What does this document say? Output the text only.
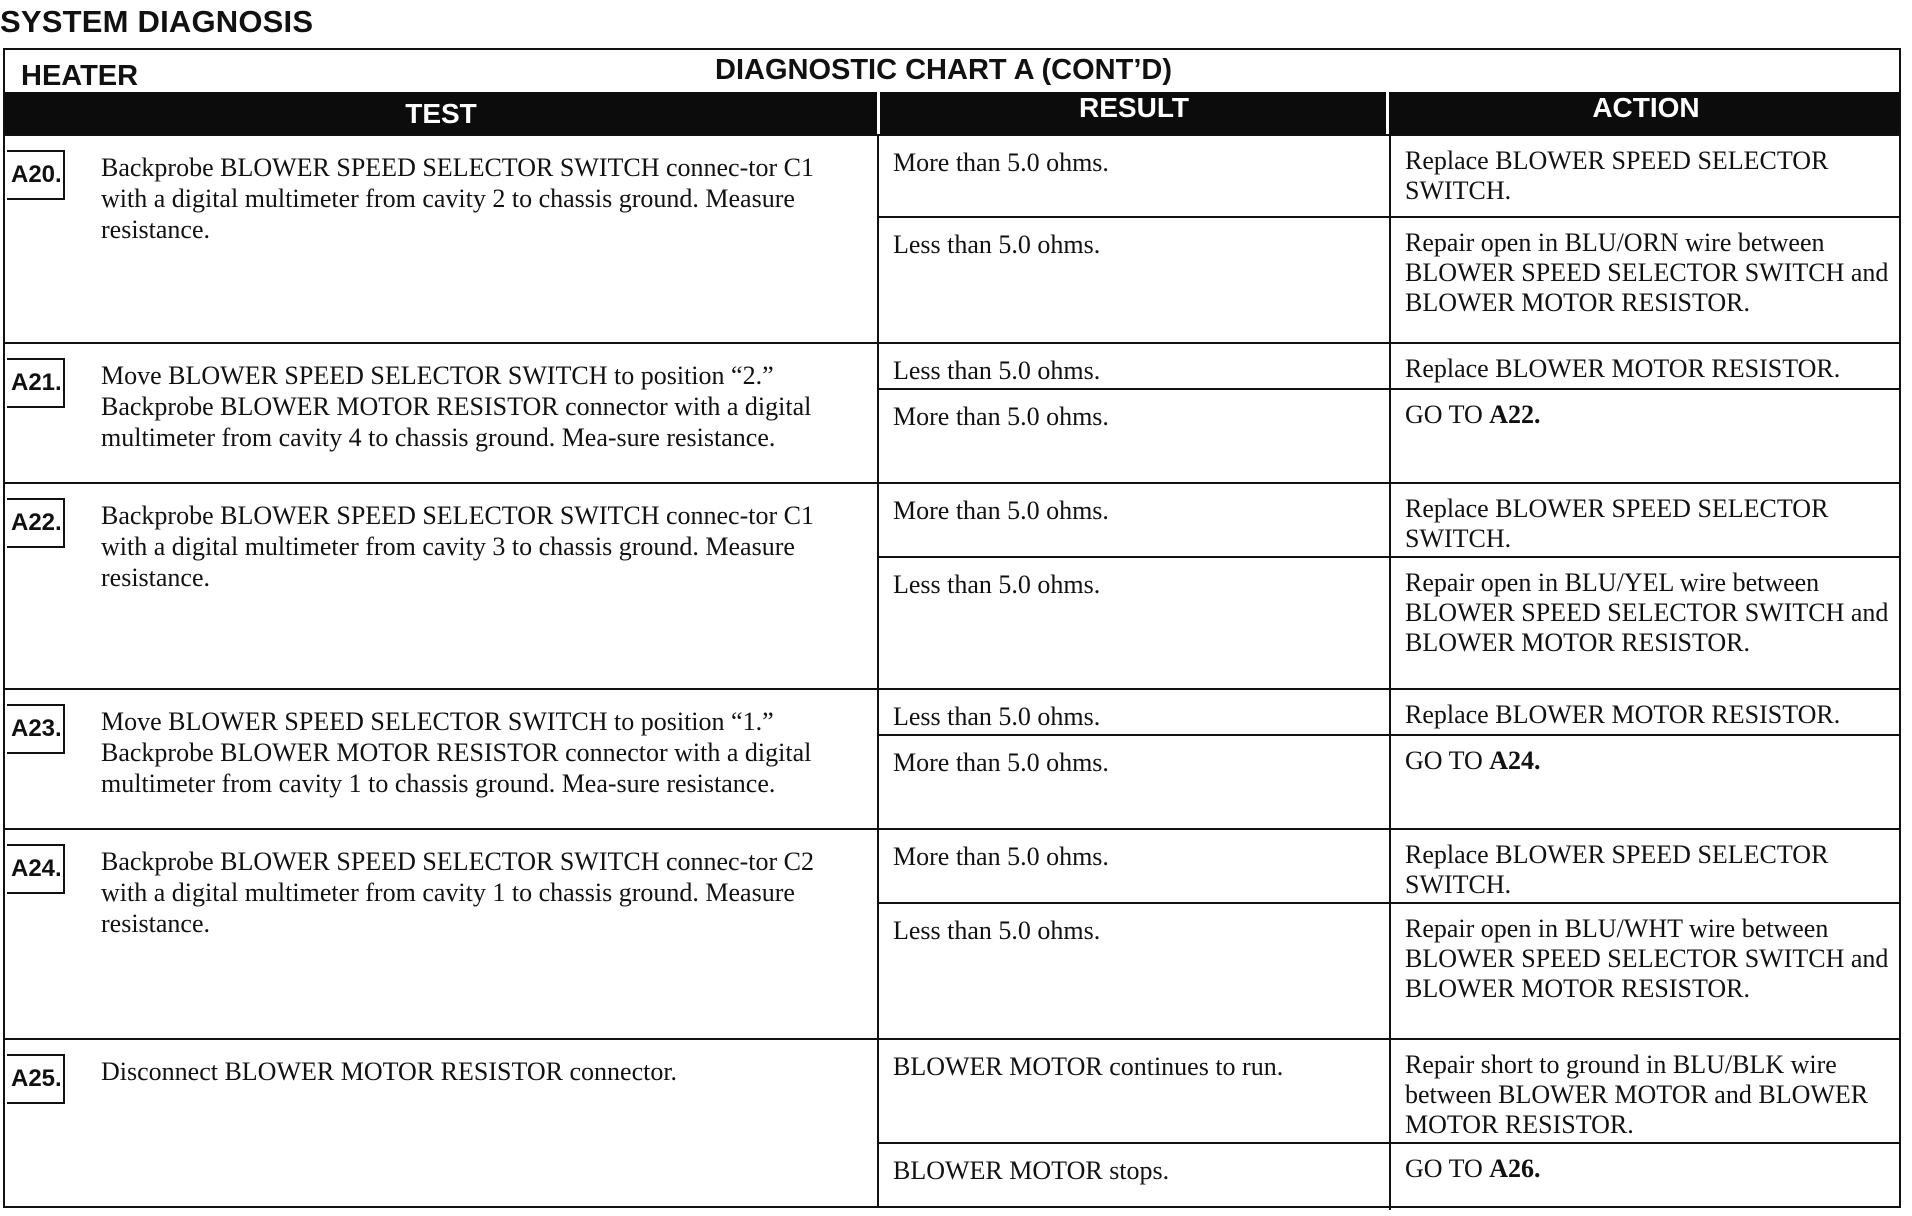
SYSTEM DIAGNOSIS
HEATER	DIAGNOSTIC CHART A (CONT’D)
TEST	RESULT	ACTION
A20. Backprobe BLOWER SPEED SELECTOR SWITCH connec-tor C1 with a digital multimeter from cavity 2 to chassis ground. Measure resistance.
More than 5.0 ohms.	Replace BLOWER SPEED SELECTOR SWITCH.
Less than 5.0 ohms.	Repair open in BLU/ORN wire between BLOWER SPEED SELECTOR SWITCH and BLOWER MOTOR RESISTOR.
A21. Move BLOWER SPEED SELECTOR SWITCH to position “2.” Backprobe BLOWER MOTOR RESISTOR connector with a digital multimeter from cavity 4 to chassis ground. Mea-sure resistance.
Less than 5.0 ohms.	Replace BLOWER MOTOR RESISTOR.
More than 5.0 ohms.	GO TO A22.
A22. Backprobe BLOWER SPEED SELECTOR SWITCH connec-tor C1 with a digital multimeter from cavity 3 to chassis ground. Measure resistance.
More than 5.0 ohms.	Replace BLOWER SPEED SELECTOR SWITCH.
Less than 5.0 ohms.	Repair open in BLU/YEL wire between BLOWER SPEED SELECTOR SWITCH and BLOWER MOTOR RESISTOR.
A23. Move BLOWER SPEED SELECTOR SWITCH to position “1.” Backprobe BLOWER MOTOR RESISTOR connector with a digital multimeter from cavity 1 to chassis ground. Mea-sure resistance.
Less than 5.0 ohms.	Replace BLOWER MOTOR RESISTOR.
More than 5.0 ohms.	GO TO A24.
A24. Backprobe BLOWER SPEED SELECTOR SWITCH connec-tor C2 with a digital multimeter from cavity 1 to chassis ground. Measure resistance.
More than 5.0 ohms.	Replace BLOWER SPEED SELECTOR SWITCH.
Less than 5.0 ohms.	Repair open in BLU/WHT wire between BLOWER SPEED SELECTOR SWITCH and BLOWER MOTOR RESISTOR.
A25. Disconnect BLOWER MOTOR RESISTOR connector.	BLOWER MOTOR continues to run.	Repair short to ground in BLU/BLK wire between BLOWER MOTOR and BLOWER MOTOR RESISTOR.
BLOWER MOTOR stops.	GO TO A26.
